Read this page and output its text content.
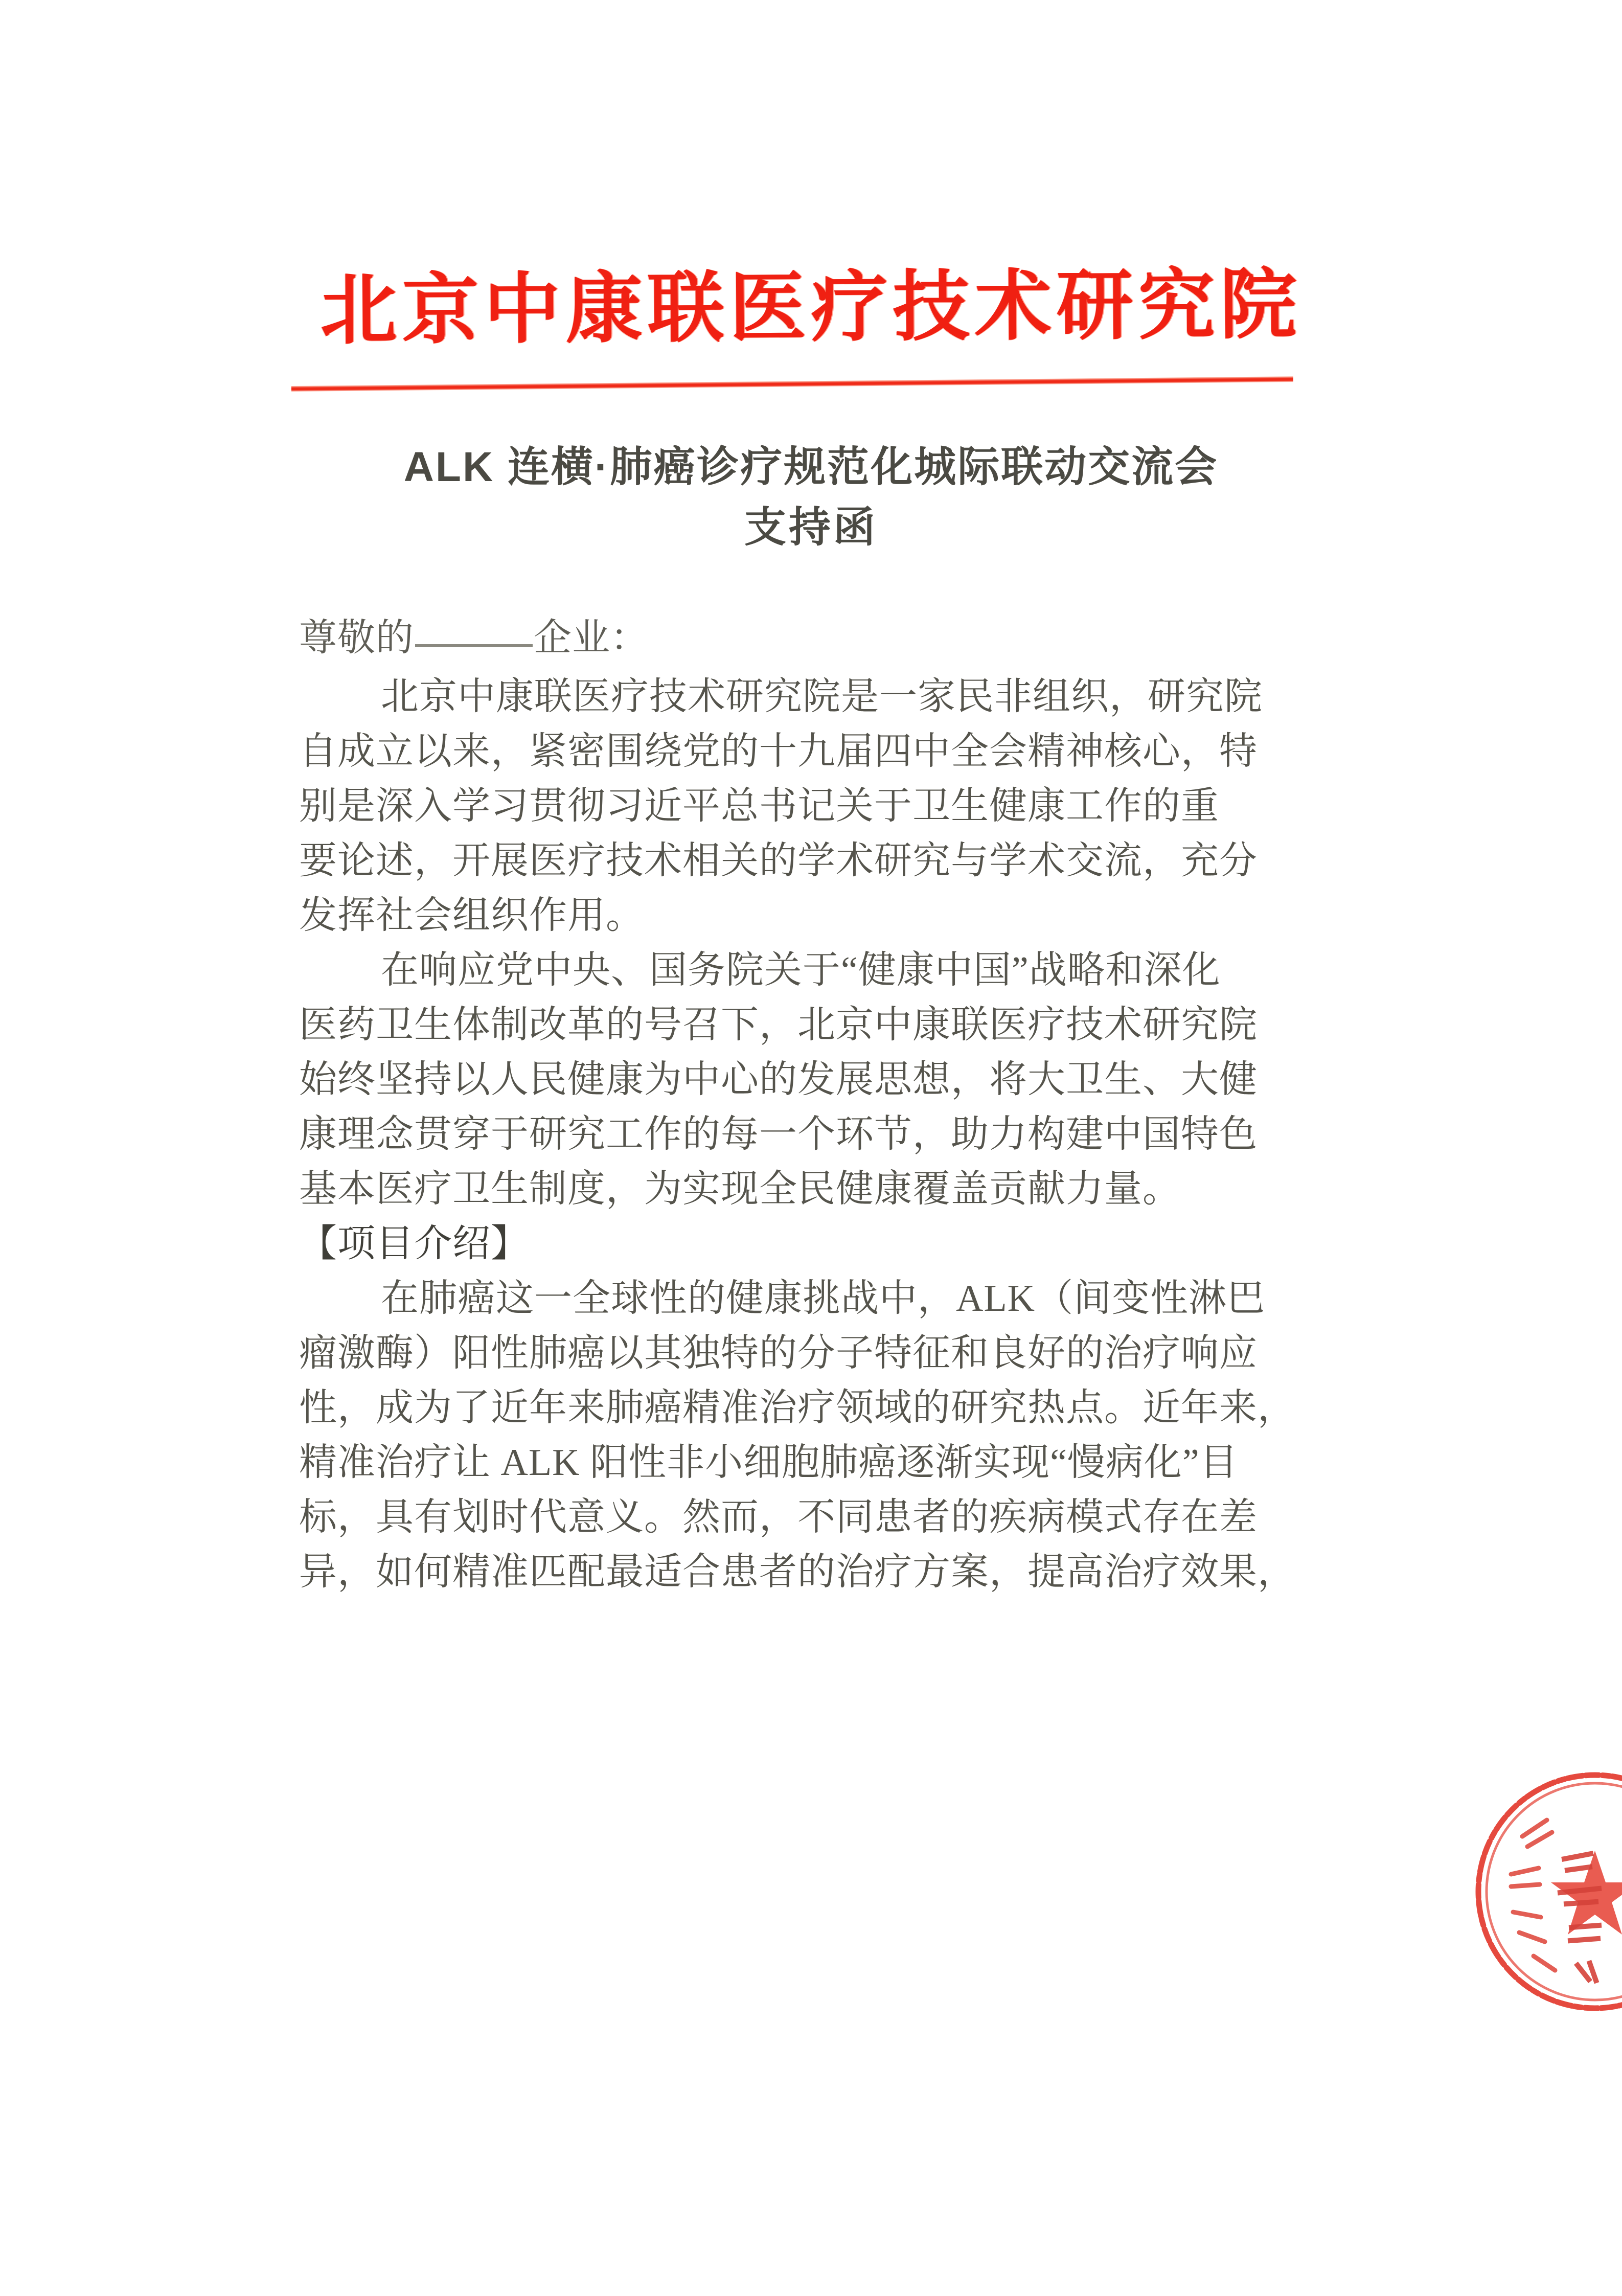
北京中康联医疗技术研究院
ALK 连横·肺癌诊疗规范化城际联动交流会
支持函
尊敬的	企业：
北京中康联医疗技术研究院是一家民非组织，研究院
自成立以来，紧密围绕党的十九届四中全会精神核心，特
别是深入学习贯彻习近平总书记关于卫生健康工作的重
要论述，开展医疗技术相关的学术研究与学术交流，充分
发挥社会组织作用。
在响应党中央、国务院关于“健康中国”战略和深化
医药卫生体制改革的号召下，北京中康联医疗技术研究院
始终坚持以人民健康为中心的发展思想，将大卫生、大健
康理念贯穿于研究工作的每一个环节，助力构建中国特色
基本医疗卫生制度，为实现全民健康覆盖贡献力量。
【项目介绍】
在肺癌这一全球性的健康挑战中，ALK（间变性淋巴
瘤激酶）阳性肺癌以其独特的分子特征和良好的治疗响应
性，成为了近年来肺癌精准治疗领域的研究热点。近年来，
精准治疗让 ALK 阳性非小细胞肺癌逐渐实现“慢病化”目
标，具有划时代意义。然而，不同患者的疾病模式存在差
异，如何精准匹配最适合患者的治疗方案，提高治疗效果，
